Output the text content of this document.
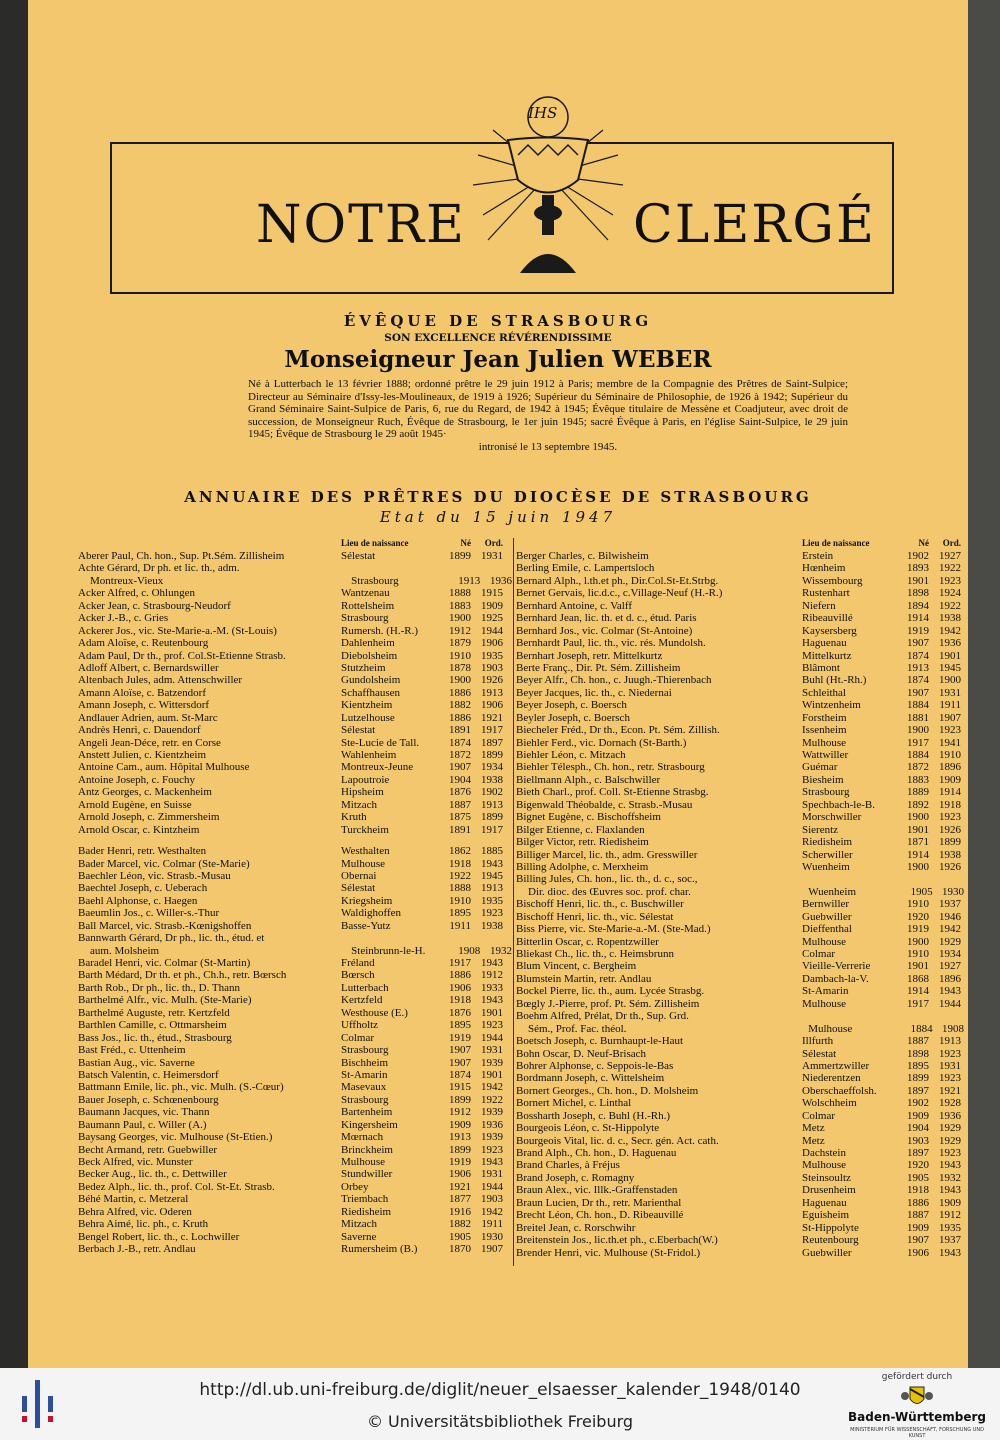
IHS
NOTRE	CLERGÉ
ÉVÊQUE DE STRASBOURG
SON EXCELLENCE RÉVÉRENDISSIME
Monseigneur Jean Julien WEBER
Né à Lutterbach le 13 février 1888; ordonné prêtre le 29 juin 1912 à Paris; membre de la Compagnie des Prêtres de Saint-Sulpice; Directeur au Séminaire d'Issy-les-Moulineaux, de 1919 à 1926; Supérieur du Séminaire de Philosophie, de 1926 à 1942; Supérieur du Grand Séminaire Saint-Sulpice de Paris, 6, rue du Regard, de 1942 à 1945; Évêque titulaire de Messène et Coadjuteur, avec droit de succession, de Monseigneur Ruch, Évêque de Strasbourg, le 1er juin 1945; sacré Évêque à Paris, en l'église Saint-Sulpice, le 29 juin 1945; Évêque de Strasbourg le 29 août 1945·
intronisé le 13 septembre 1945.
ANNUAIRE DES PRÊTRES DU DIOCÈSE DE STRASBOURG
Etat du 15 juin 1947
Lieu de naissance	Né	Ord.
Aberer Paul, Ch. hon., Sup. Pt.Sém. Zillisheim	Sélestat	1899 1931
Achte Gérard, Dr ph. et lic. th., adm.
Montreux-Vieux	Strasbourg	1913 1936
Acker Alfred, c. Ohlungen	Wantzenau	1888 1915
Acker Jean, c. Strasbourg-Neudorf	Rottelsheim	1883 1909
Acker J.-B., c. Gries	Strasbourg	1900 1925
Ackerer Jos., vic. Ste-Marie-a.-M. (St-Louis)	Rumersh. (H.-R.)	1912 1944
Adam Aloïse, c. Reutenbourg	Dahlenheim	1879 1906
Adam Paul, Dr th., prof. Col.St-Etienne Strasb.	Diebolsheim	1910 1935
Adloff Albert, c. Bernardswiller	Stutzheim	1878 1903
Altenbach Jules, adm. Attenschwiller	Gundolsheim	1900 1926
Amann Aloïse, c. Batzendorf	Schaffhausen	1886 1913
Amann Joseph, c. Wittersdorf	Kientzheim	1882 1906
Andlauer Adrien, aum. St-Marc	Lutzelhouse	1886 1921
Andrès Henri, c. Dauendorf	Sélestat	1891 1917
Angeli Jean-Déce, retr. en Corse	Ste-Lucie de Tall.	1874 1897
Anstett Julien, c. Kientzheim	Wahlenheim	1872 1899
Antoine Cam., aum. Hôpital Mulhouse	Montreux-Jeune	1907 1934
Antoine Joseph, c. Fouchy	Lapoutroie	1904 1938
Antz Georges, c. Mackenheim	Hipsheim	1876 1902
Arnold Eugène, en Suisse	Mitzach	1887 1913
Arnold Joseph, c. Zimmersheim	Kruth	1875 1899
Arnold Oscar, c. Kintzheim	Turckheim	1891 1917
Bader Henri, retr. Westhalten	Westhalten	1862 1885
Bader Marcel, vic. Colmar (Ste-Marie)	Mulhouse	1918 1943
Baechler Léon, vic. Strasb.-Musau	Obernai	1922 1945
Baechtel Joseph, c. Ueberach	Sélestat	1888 1913
Baehl Alphonse, c. Haegen	Kriegsheim	1910 1935
Baeumlin Jos., c. Willer-s.-Thur	Waldighoffen	1895 1923
Ball Marcel, vic. Strasb.-Kœnigshoffen	Basse-Yutz	1911 1938
Bannwarth Gérard, Dr ph., lic. th., étud. et
aum. Molsheim	Steinbrunn-le-H.	1908 1932
Baradel Henri, vic. Colmar (St-Martin)	Fréland	1917 1943
Barth Médard, Dr th. et ph., Ch.h., retr. Bœrsch	Bœrsch	1886 1912
Barth Rob., Dr ph., lic. th., D. Thann	Lutterbach	1906 1933
Barthelmé Alfr., vic. Mulh. (Ste-Marie)	Kertzfeld	1918 1943
Barthelmé Auguste, retr. Kertzfeld	Westhouse (E.)	1876 1901
Barthlen Camille, c. Ottmarsheim	Uffholtz	1895 1923
Bass Jos., lic. th., étud., Strasbourg	Colmar	1919 1944
Bast Fréd., c. Uttenheim	Strasbourg	1907 1931
Bastian Aug., vic. Saverne	Bischheim	1907 1939
Batsch Valentin, c. Heimersdorf	St-Amarin	1874 1901
Battmann Emile, lic. ph., vic. Mulh. (S.-Cœur)	Masevaux	1915 1942
Bauer Joseph, c. Schœnenbourg	Strasbourg	1899 1922
Baumann Jacques, vic. Thann	Bartenheim	1912 1939
Baumann Paul, c. Willer (A.)	Kingersheim	1909 1936
Baysang Georges, vic. Mulhouse (St-Etien.)	Mœrnach	1913 1939
Becht Armand, retr. Guebwiller	Brinckheim	1899 1923
Beck Alfred, vic. Munster	Mulhouse	1919 1943
Becker Aug., lic. th., c. Dettwiller	Stundwiller	1906 1931
Bedez Alph., lic. th., prof. Col. St-Et. Strasb.	Orbey	1921 1944
Béhé Martin, c. Metzeral	Triembach	1877 1903
Behra Alfred, vic. Oderen	Riedisheim	1916 1942
Behra Aimé, lic. ph., c. Kruth	Mitzach	1882 1911
Bengel Robert, lic. th., c. Lochwiller	Saverne	1905 1930
Berbach J.-B., retr. Andlau	Rumersheim (B.)	1870 1907
Lieu de naissance	Né	Ord.
Berger Charles, c. Bilwisheim	Erstein	1902 1927
Berling Emile, c. Lampertsloch	Hœnheim	1893 1922
Bernard Alph., l.th.et ph., Dir.Col.St-Et.Strbg.	Wissembourg	1901 1923
Bernet Gervais, lic.d.c., c.Village-Neuf (H.-R.)	Rustenhart	1898 1924
Bernhard Antoine, c. Valff	Niefern	1894 1922
Bernhard Jean, lic. th. et d. c., étud. Paris	Ribeauvillé	1914 1938
Bernhard Jos., vic. Colmar (St-Antoine)	Kaysersberg	1919 1942
Bernhardt Paul, lic. th., vic. rés. Mundolsh.	Haguenau	1907 1936
Bernhart Joseph, retr. Mittelkurtz	Mittelkurtz	1874 1901
Berte Franç., Dir. Pt. Sém. Zillisheim	Blâmont	1913 1945
Beyer Alfr., Ch. hon., c. Juugh.-Thierenbach	Buhl (Ht.-Rh.)	1874 1900
Beyer Jacques, lic. th., c. Niedernai	Schleithal	1907 1931
Beyer Joseph, c. Boersch	Wintzenheim	1884 1911
Beyler Joseph, c. Boersch	Forstheim	1881 1907
Biecheler Fréd., Dr th., Econ. Pt. Sém. Zillish.	Issenheim	1900 1923
Biehler Ferd., vic. Dornach (St-Barth.)	Mulhouse	1917 1941
Biehler Léon, c. Mitzach	Wattwiller	1884 1910
Biehler Télesph., Ch. hon., retr. Strasbourg	Guémar	1872 1896
Biellmann Alph., c. Balschwiller	Biesheim	1883 1909
Bieth Charl., prof. Coll. St-Etienne Strasbg.	Strasbourg	1889 1914
Bigenwald Théobalde, c. Strasb.-Musau	Spechbach-le-B.	1892 1918
Bignet Eugène, c. Bischoffsheim	Morschwiller	1900 1923
Bilger Etienne, c. Flaxlanden	Sierentz	1901 1926
Bilger Victor, retr. Riedisheim	Riedisheim	1871 1899
Billiger Marcel, lic. th., adm. Gresswiller	Scherwiller	1914 1938
Billing Adolphe, c. Merxheim	Wuenheim	1900 1926
Billing Jules, Ch. hon., lic. th., d. c., soc.,
Dir. dioc. des Œuvres soc. prof. char.	Wuenheim	1905 1930
Bischoff Henri, lic. th., c. Buschwiller	Bernwiller	1910 1937
Bischoff Henri, lic. th., vic. Sélestat	Guebwiller	1920 1946
Biss Pierre, vic. Ste-Marie-a.-M. (Ste-Mad.)	Dieffenthal	1919 1942
Bitterlin Oscar, c. Ropentzwiller	Mulhouse	1900 1929
Bliekast Ch., lic. th., c. Heimsbrunn	Colmar	1910 1934
Blum Vincent, c. Bergheim	Vieille-Verrerie	1901 1927
Blumstein Martin, retr. Andlau	Dambach-la-V.	1868 1896
Bockel Pierre, lic. th., aum. Lycée Strasbg.	St-Amarin	1914 1943
Bœgly J.-Pierre, prof. Pt. Sém. Zillisheim	Mulhouse	1917 1944
Boehm Alfred, Prélat, Dr th., Sup. Grd.
Sém., Prof. Fac. théol.	Mulhouse	1884 1908
Boetsch Joseph, c. Burnhaupt-le-Haut	Illfurth	1887 1913
Bohn Oscar, D. Neuf-Brisach	Sélestat	1898 1923
Bohrer Alphonse, c. Seppois-le-Bas	Ammertzwiller	1895 1931
Bordmann Joseph, c. Wittelsheim	Niederentzen	1899 1923
Bornert Georges., Ch. hon., D. Molsheim	Oberschaeffolsh.	1897 1921
Bornert Michel, c. Linthal	Wolschheim	1902 1928
Bossharth Joseph, c. Buhl (H.-Rh.)	Colmar	1909 1936
Bourgeois Léon, c. St-Hippolyte	Metz	1904 1929
Bourgeois Vital, lic. d. c., Secr. gén. Act. cath.	Metz	1903 1929
Brand Alph., Ch. hon., D. Haguenau	Dachstein	1897 1923
Brand Charles, à Fréjus	Mulhouse	1920 1943
Brand Joseph, c. Romagny	Steinsoultz	1905 1932
Braun Alex., vic. Illk.-Graffenstaden	Drusenheim	1918 1943
Braun Lucien, Dr th., retr. Marienthal	Haguenau	1886 1909
Brecht Léon, Ch. hon., D. Ribeauvillé	Eguisheim	1887 1912
Breitel Jean, c. Rorschwihr	St-Hippolyte	1909 1935
Breitenstein Jos., lic.th.et ph., c.Eberbach(W.)	Reutenbourg	1907 1937
Brender Henri, vic. Mulhouse (St-Fridol.)	Guebwiller	1906 1943
http://dl.ub.uni-freiburg.de/diglit/neuer_elsaesser_kalender_1948/0140
© Universitätsbibliothek Freiburg
gefördert durch
Baden-Württemberg
MINISTERIUM FÜR WISSENSCHAFT, FORSCHUNG UND KUNST
